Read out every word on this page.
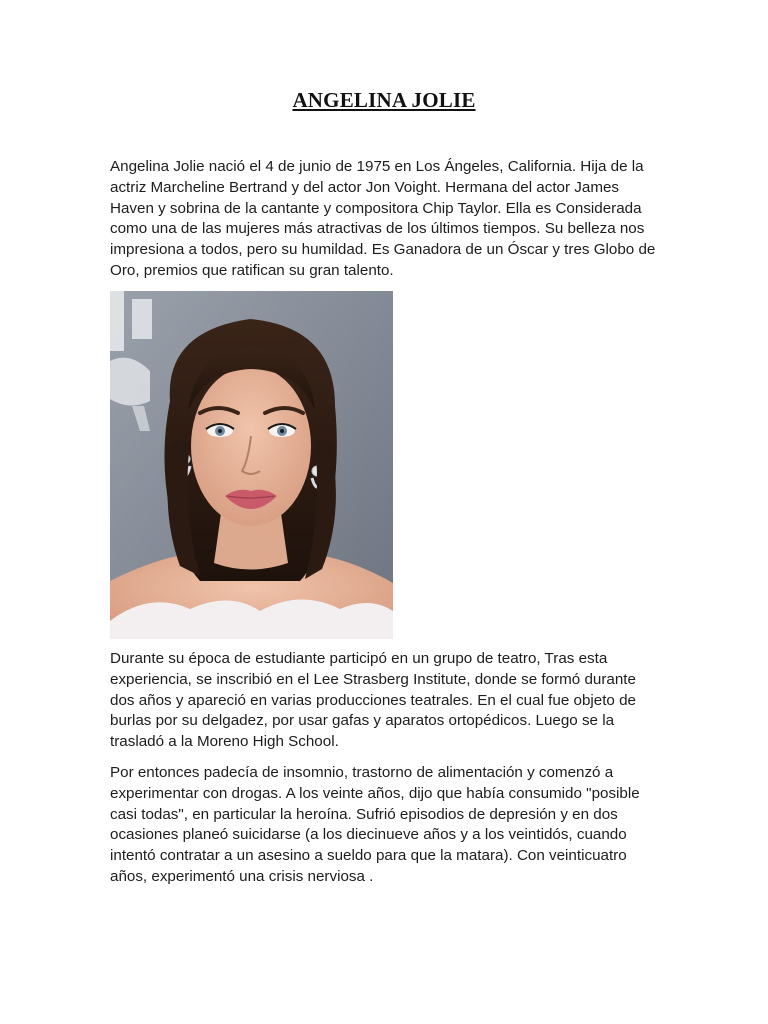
ANGELINA JOLIE

Angelina Jolie nació el 4 de junio de 1975 en Los Ángeles, California. Hija de la actriz Marcheline Bertrand y del actor Jon Voight. Hermana del actor James Haven y sobrina de la cantante y compositora Chip Taylor. Ella es Considerada como una de las mujeres más atractivas de los últimos tiempos. Su belleza nos impresiona a todos, pero su humildad. Es Ganadora de un Óscar y tres Globo de Oro, premios que ratifican su gran talento.

Durante su época de estudiante participó en un grupo de teatro, Tras esta experiencia, se inscribió en el Lee Strasberg Institute, donde se formó durante dos años y apareció en varias producciones teatrales. En el cual fue objeto de burlas por su delgadez, por usar gafas y aparatos ortopédicos. Luego se la trasladó a la Moreno High School.

Por entonces padecía de insomnio, trastorno de alimentación y comenzó a experimentar con drogas. A los veinte años, dijo que había consumido "posible casi todas", en particular la heroína. Sufrió episodios de depresión y en dos ocasiones planeó suicidarse (a los diecinueve años y a los veintidós, cuando intentó contratar a un asesino a sueldo para que la matara). Con veinticuatro años, experimentó una crisis nerviosa .
